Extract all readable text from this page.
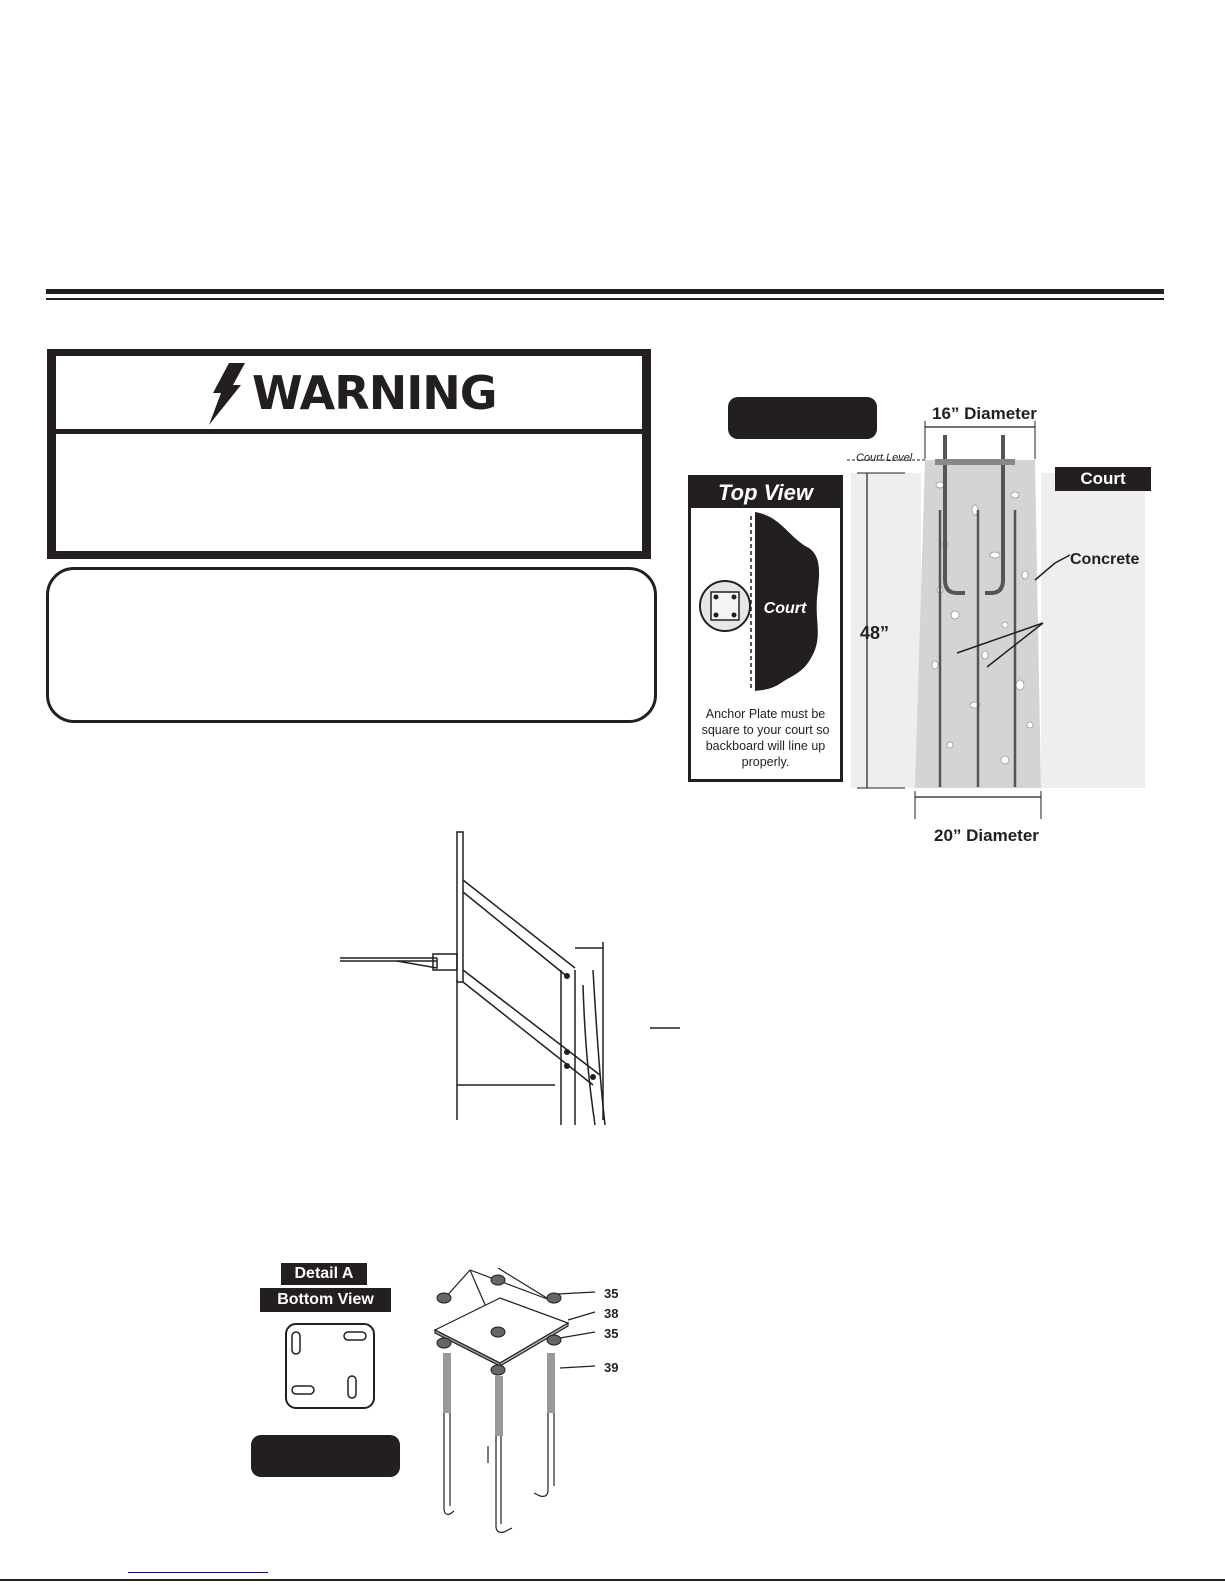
WARNING
Top View
Court
Anchor Plate must be square to your court so backboard will line up properly.
16” Diameter
20” Diameter
48”
Concrete
Court Level
Court
Detail A
Bottom View	35
38
35
39
